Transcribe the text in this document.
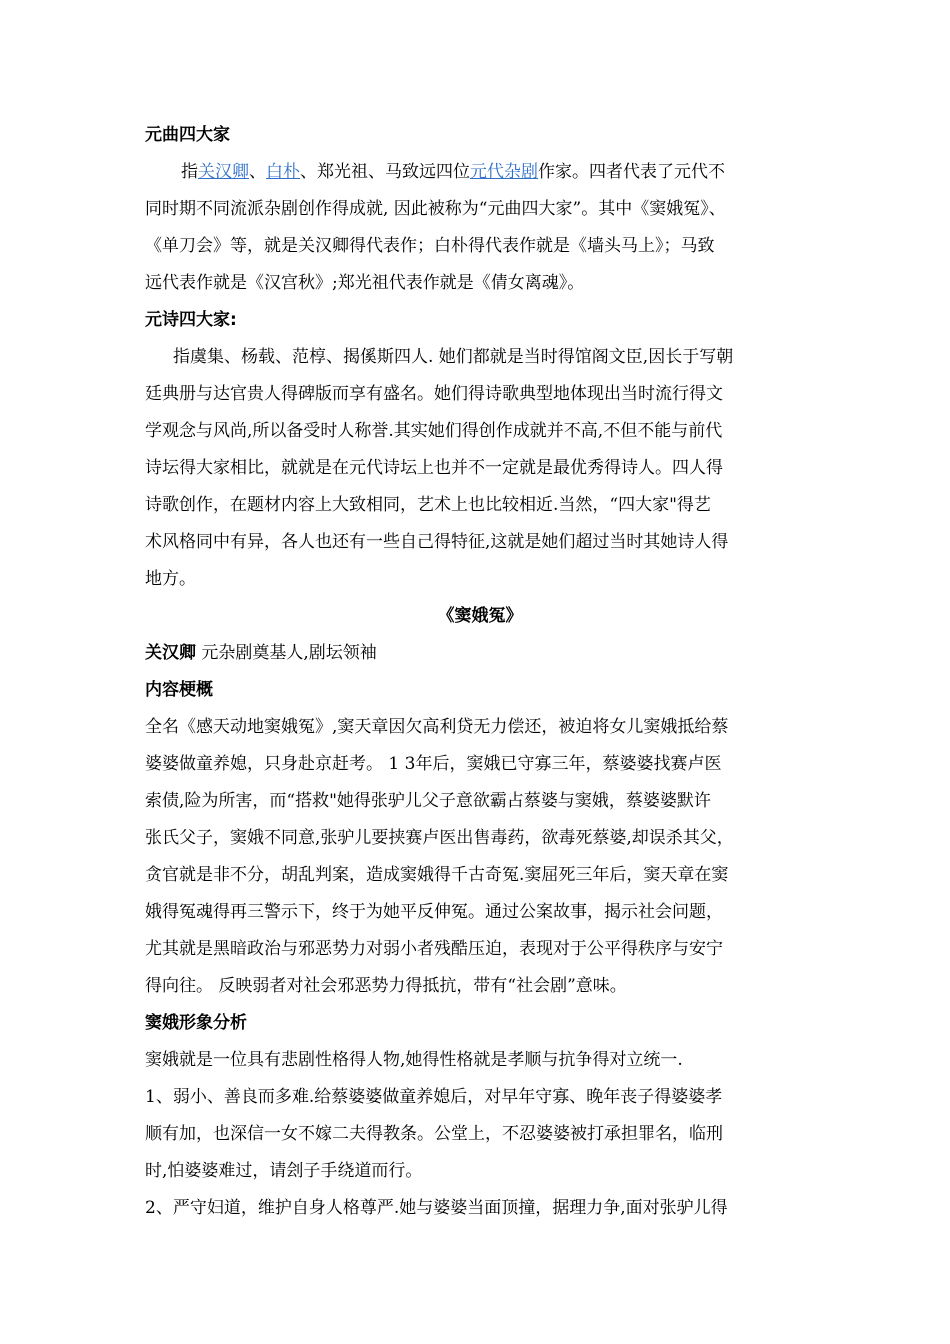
元曲四大家
指关汉卿、白朴、郑光祖、马致远四位元代杂剧作家。四者代表了元代不
同时期不同流派杂剧创作得成就, 因此被称为“元曲四大家”。其中《窦娥冤》、
《单刀会》等，就是关汉卿得代表作；白朴得代表作就是《墙头马上》；马致
远代表作就是《汉宫秋》;郑光祖代表作就是《倩女离魂》。
元诗四大家:
指虞集、杨载、范椁、揭傒斯四人. 她们都就是当时得馆阁文臣,因长于写朝
廷典册与达官贵人得碑版而享有盛名。她们得诗歌典型地体现出当时流行得文
学观念与风尚,所以备受时人称誉.其实她们得创作成就并不高,不但不能与前代
诗坛得大家相比，就就是在元代诗坛上也并不一定就是最优秀得诗人。四人得
诗歌创作，在题材内容上大致相同，艺术上也比较相近.当然，“四大家"得艺
术风格同中有异，各人也还有一些自己得特征,这就是她们超过当时其她诗人得
地方。
《窦娥冤》
关汉卿 元杂剧奠基人,剧坛领袖
内容梗概
全名《感天动地窦娥冤》,窦天章因欠高利贷无力偿还，被迫将女儿窦娥抵给蔡
婆婆做童养媳，只身赴京赶考。 1 3年后，窦娥已守寡三年，蔡婆婆找赛卢医
索债,险为所害，而“搭救"她得张驴儿父子意欲霸占蔡婆与窦娥，蔡婆婆默许
张氏父子，窦娥不同意,张驴儿要挟赛卢医出售毒药，欲毒死蔡婆,却误杀其父，
贪官就是非不分，胡乱判案，造成窦娥得千古奇冤.窦屈死三年后，窦天章在窦
娥得冤魂得再三警示下，终于为她平反伸冤。通过公案故事，揭示社会问题，
尤其就是黑暗政治与邪恶势力对弱小者残酷压迫，表现对于公平得秩序与安宁
得向往。 反映弱者对社会邪恶势力得抵抗，带有“社会剧”意味。
窦娥形象分析
窦娥就是一位具有悲剧性格得人物,她得性格就是孝顺与抗争得对立统一.
1、弱小、善良而多难.给蔡婆婆做童养媳后，对早年守寡、晚年丧子得婆婆孝
顺有加，也深信一女不嫁二夫得教条。公堂上，不忍婆婆被打承担罪名，临刑
时,怕婆婆难过，请刽子手绕道而行。
2、严守妇道，维护自身人格尊严.她与婆婆当面顶撞，据理力争,面对张驴儿得
